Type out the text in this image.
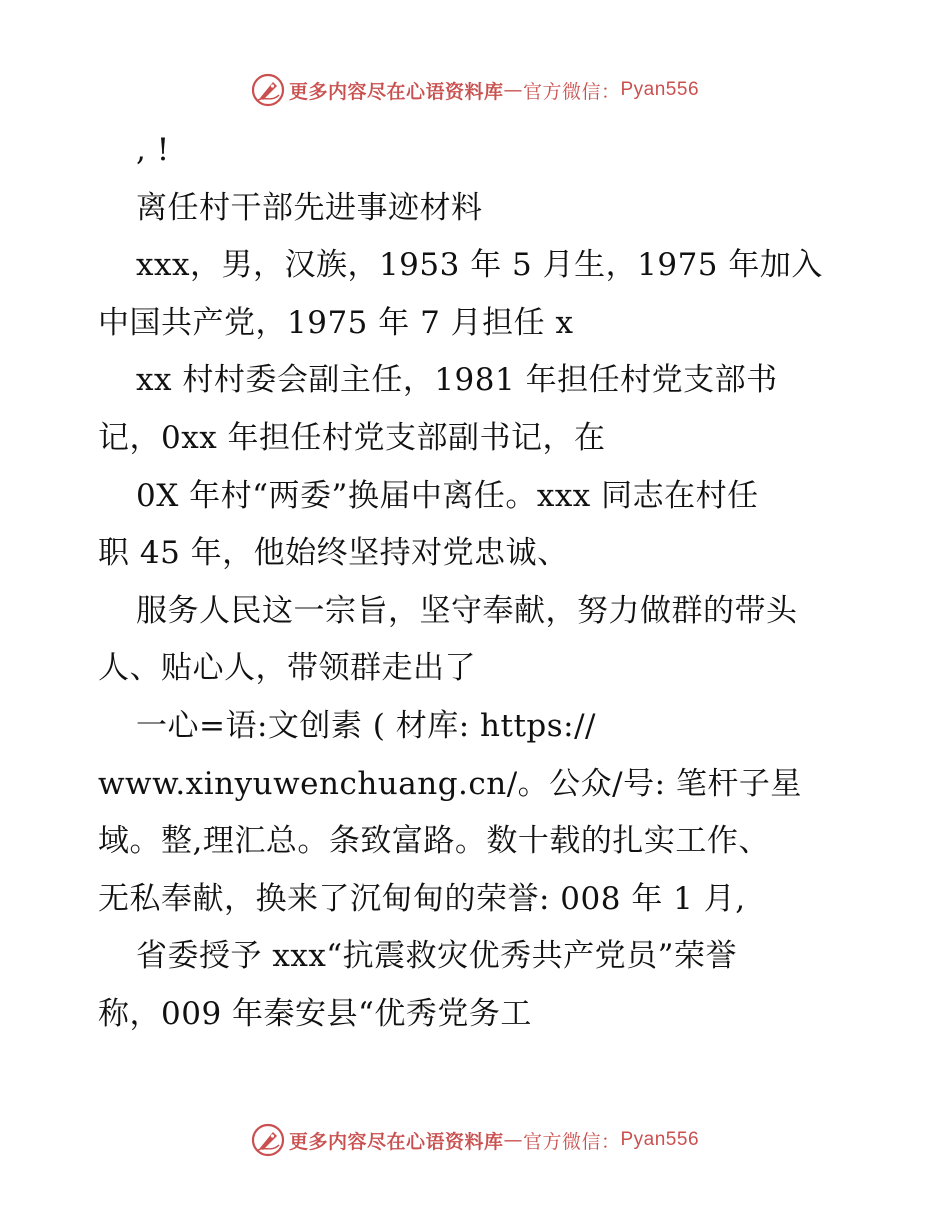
更多内容尽在心语资料库 — 官方微信： Pyan556
, !
离任村干部先进事迹材料
xxx，男，汉族，1953 年 5 月生，1975 年加入
中国共产党，1975 年 7 月担任 x
xx 村村委会副主任，1981 年担任村党支部书
记，0xx 年担任村党支部副书记，在
0X 年村“两委”换届中离任。xxx 同志在村任
职 45 年，他始终坚持对党忠诚、
服务人民这一宗旨，坚守奉献，努力做群的带头
人、贴心人，带领群走出了
一心=语:文创素 ( 材库: https://
www.xinyuwenchuang.cn/。公众/号: 笔杆子星
域。整,理汇总。条致富路。数十载的扎实工作、
无私奉献，换来了沉甸甸的荣誉: 008 年 1 月,
省委授予 xxx“抗震救灾优秀共产党员”荣誉
称，009 年秦安县“优秀党务工
更多内容尽在心语资料库 — 官方微信： Pyan556
